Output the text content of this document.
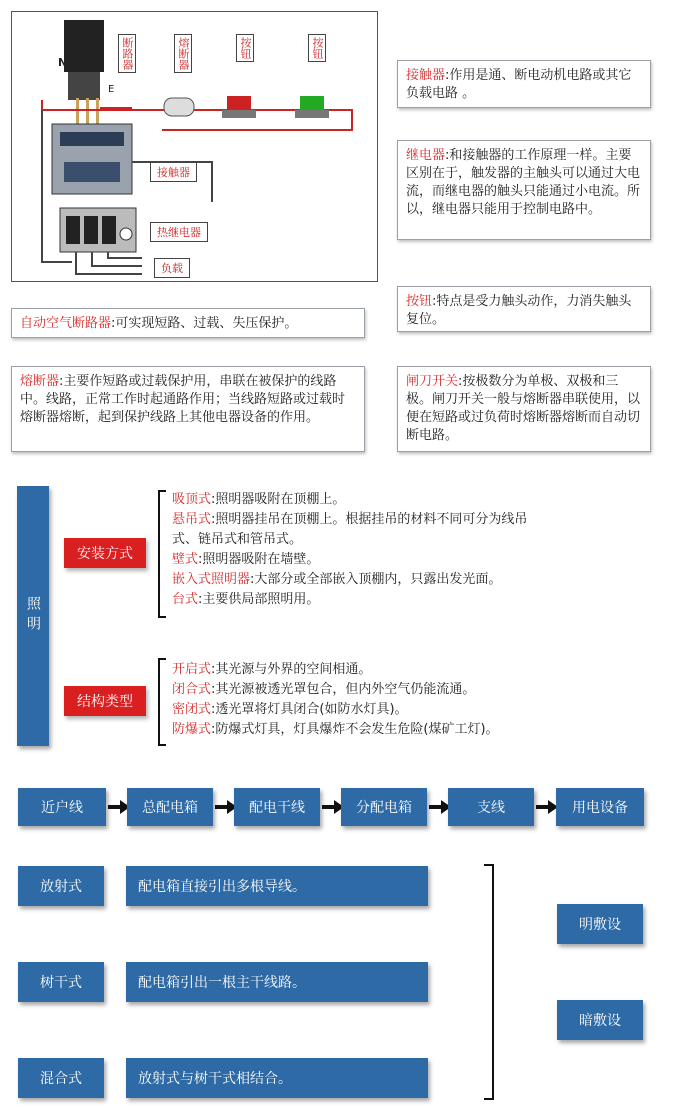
N
E
断路器	熔断器	按钮	按钮
接触器
热继电器
负载
接触器:作用是通、断电动机电路或其它负载电路 。
继电器:和接触器的工作原理一样。主要区别在于，触发器的主触头可以通过大电流，而继电器的触头只能通过小电流。所以，继电器只能用于控制电路中。
按钮:特点是受力触头动作，力消失触头复位。
自动空气断路器:可实现短路、过载、失压保护。
熔断器:主要作短路或过载保护用，串联在被保护的线路中。线路，正常工作时起通路作用；当线路短路或过载时熔断器熔断，起到保护线路上其他电器设备的作用。
闸刀开关:按极数分为单极、双极和三极。闸刀开关一般与熔断器串联使用，以便在短路或过负荷时熔断器熔断而自动切断电路。
照明
安装方式
吸顶式:照明器吸附在顶棚上。
悬吊式:照明器挂吊在顶棚上。根据挂吊的材料不同可分为线吊
式、链吊式和管吊式。
壁式:照明器吸附在墙壁。
嵌入式照明器:大部分或全部嵌入顶棚内，只露出发光面。
台式:主要供局部照明用。
结构类型
开启式:其光源与外界的空间相通。
闭合式:其光源被透光罩包合，但内外空气仍能流通。
密闭式:透光罩将灯具闭合(如防水灯具)。
防爆式:防爆式灯具，灯具爆炸不会发生危险(煤矿工灯)。
近户线	总配电箱	配电干线	分配电箱	支线	用电设备
放射式	配电箱直接引出多根导线。
树干式	配电箱引出一根主干线路。
混合式	放射式与树干式相结合。
明敷设
暗敷设
